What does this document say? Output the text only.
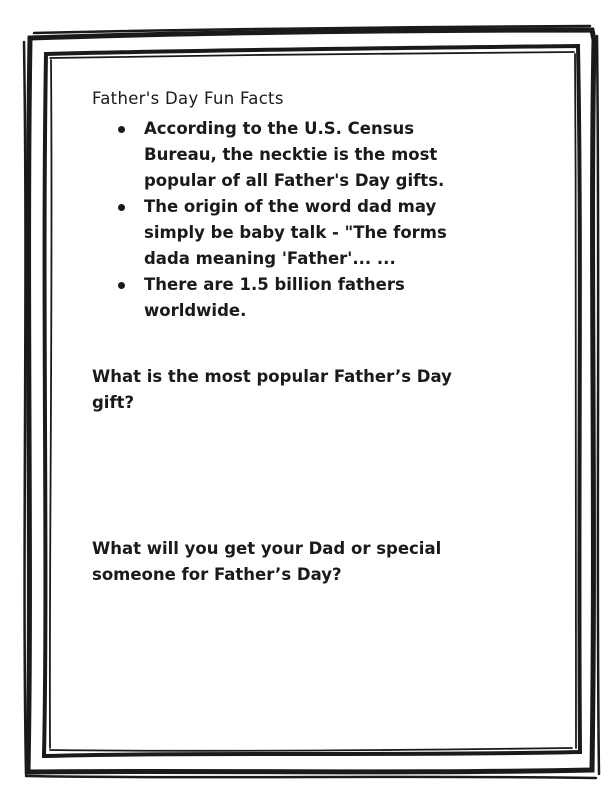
Father's Day Fun Facts
According to the U.S. Census Bureau, the necktie is the most popular of all Father's Day gifts.
The origin of the word dad may simply be baby talk - "The forms dada meaning 'Father'... ...
There are 1.5 billion fathers worldwide.

What is the most popular Father’s Day gift?

What will you get your Dad or special someone for Father’s Day?
